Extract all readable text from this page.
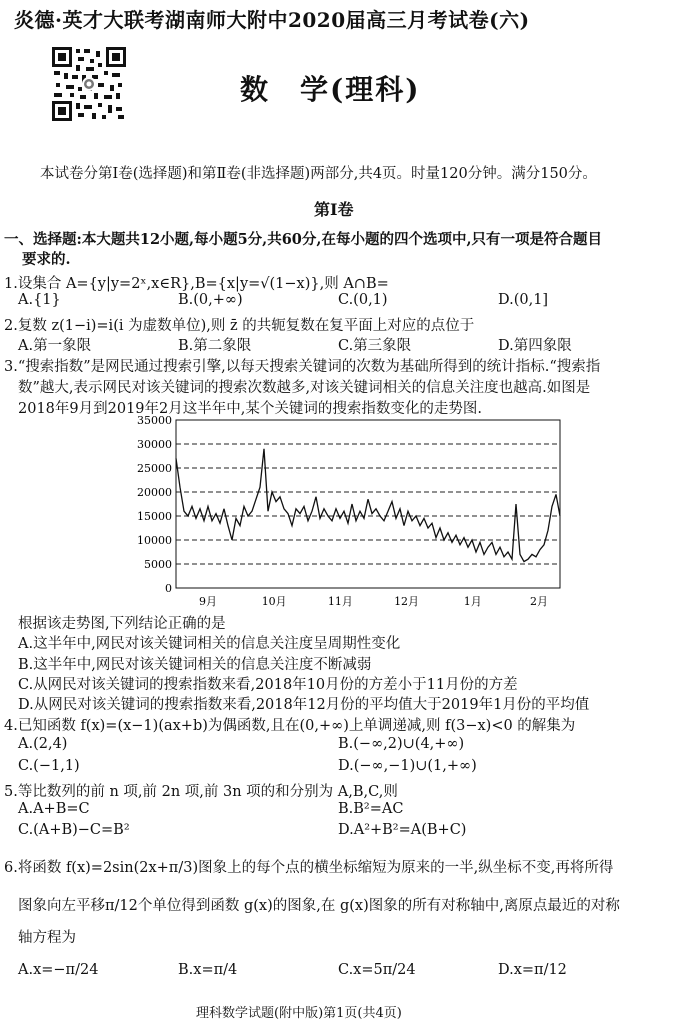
炎德·英才大联考湖南师大附中2020届高三月考试卷(六)
数　学(理科)
本试卷分第Ⅰ卷(选择题)和第Ⅱ卷(非选择题)两部分,共4页。时量120分钟。满分150分。
第Ⅰ卷
一、选择题:本大题共12小题,每小题5分,共60分,在每小题的四个选项中,只有一项是符合题目
要求的.
1.设集合 A={y|y=2ˣ,x∈R},B={x|y=√(1−x)},则 A∩B=
A.{1}	B.(0,+∞)	C.(0,1)	D.(0,1]
2.复数 z(1−i)=i(i 为虚数单位),则 z̄ 的共轭复数在复平面上对应的点位于
A.第一象限	B.第二象限	C.第三象限	D.第四象限
3.“搜索指数”是网民通过搜索引擎,以每天搜索关键词的次数为基础所得到的统计指标.“搜索指
数”越大,表示网民对该关键词的搜索次数越多,对该关键词相关的信息关注度也越高.如图是
2018年9月到2019年2月这半年中,某个关键词的搜索指数变化的走势图.
0
5000
10000
15000
20000
25000
30000
35000
9月	10月	11月	12月	1月	2月
根据该走势图,下列结论正确的是
A.这半年中,网民对该关键词相关的信息关注度呈周期性变化
B.这半年中,网民对该关键词相关的信息关注度不断减弱
C.从网民对该关键词的搜索指数来看,2018年10月份的方差小于11月份的方差
D.从网民对该关键词的搜索指数来看,2018年12月份的平均值大于2019年1月份的平均值
4.已知函数 f(x)=(x−1)(ax+b)为偶函数,且在(0,+∞)上单调递减,则 f(3−x)<0 的解集为
A.(2,4)	B.(−∞,2)∪(4,+∞)
C.(−1,1)	D.(−∞,−1)∪(1,+∞)
5.等比数列的前 n 项,前 2n 项,前 3n 项的和分别为 A,B,C,则
A.A+B=C	B.B²=AC
C.(A+B)−C=B²	D.A²+B²=A(B+C)
6.将函数 f(x)=2sin(2x+π/3)图象上的每个点的横坐标缩短为原来的一半,纵坐标不变,再将所得
图象向左平移π/12个单位得到函数 g(x)的图象,在 g(x)图象的所有对称轴中,离原点最近的对称
轴方程为
A.x=−π/24	B.x=π/4	C.x=5π/24	D.x=π/12
理科数学试题(附中版)第1页(共4页)
